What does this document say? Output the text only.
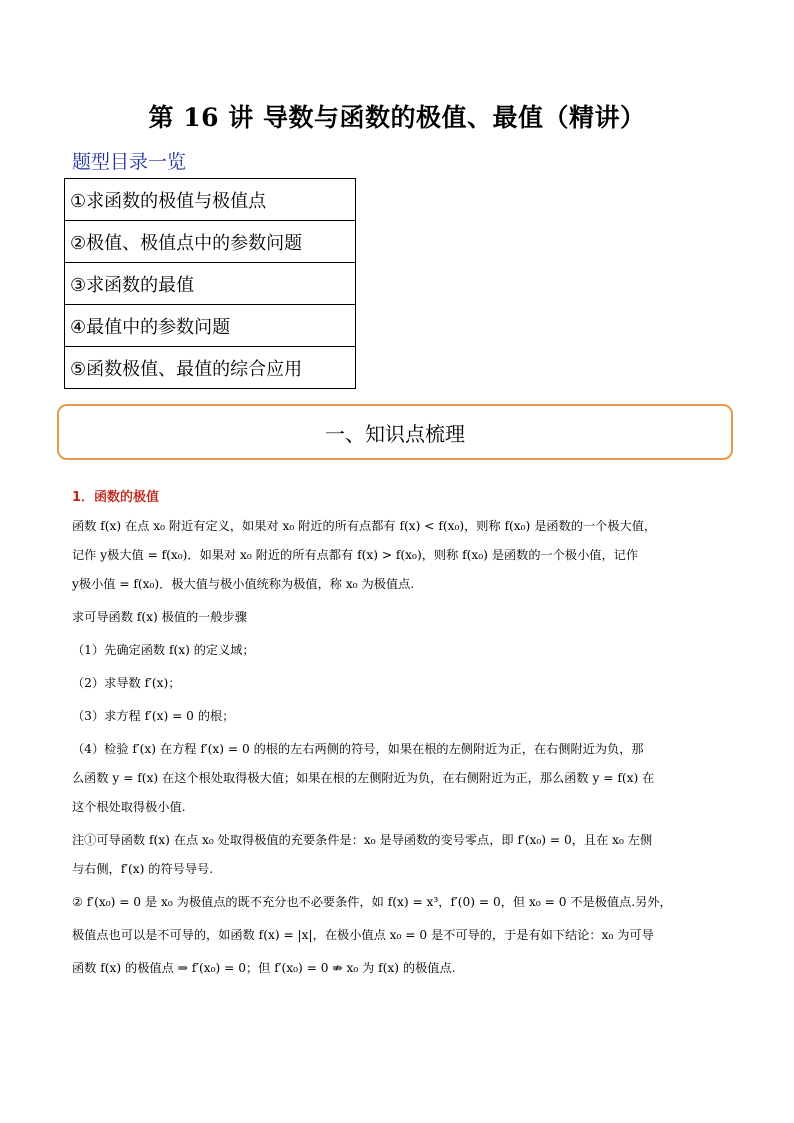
第 16 讲 导数与函数的极值、最值（精讲）
题型目录一览
①求函数的极值与极值点
②极值、极值点中的参数问题
③求函数的最值
④最值中的参数问题
⑤函数极值、最值的综合应用
一、知识点梳理
1．函数的极值

函数 f(x) 在点 x₀ 附近有定义，如果对 x₀ 附近的所有点都有 f(x) < f(x₀)，则称 f(x₀) 是函数的一个极大值，

记作 y极大值 = f(x₀)．如果对 x₀ 附近的所有点都有 f(x) > f(x₀)，则称 f(x₀) 是函数的一个极小值，记作

y极小值 = f(x₀)．极大值与极小值统称为极值，称 x₀ 为极值点.

求可导函数 f(x) 极值的一般步骤

（1）先确定函数 f(x) 的定义域；

（2）求导数 f′(x)；

（3）求方程 f′(x) = 0 的根；

（4）检验 f′(x) 在方程 f′(x) = 0 的根的左右两侧的符号，如果在根的左侧附近为正，在右侧附近为负，那

么函数 y = f(x) 在这个根处取得极大值；如果在根的左侧附近为负，在右侧附近为正，那么函数 y = f(x) 在

这个根处取得极小值.

注①可导函数 f(x) 在点 x₀ 处取得极值的充要条件是：x₀ 是导函数的变号零点，即 f′(x₀) = 0，且在 x₀ 左侧

与右侧，f′(x) 的符号导号.

② f′(x₀) = 0 是 x₀ 为极值点的既不充分也不必要条件，如 f(x) = x³，f′(0) = 0，但 x₀ = 0 不是极值点.另外，

极值点也可以是不可导的，如函数 f(x) = |x|，在极小值点 x₀ = 0 是不可导的，于是有如下结论：x₀ 为可导

函数 f(x) 的极值点 ⇒ f′(x₀) = 0；但 f′(x₀) = 0 ⇏ x₀ 为 f(x) 的极值点.
